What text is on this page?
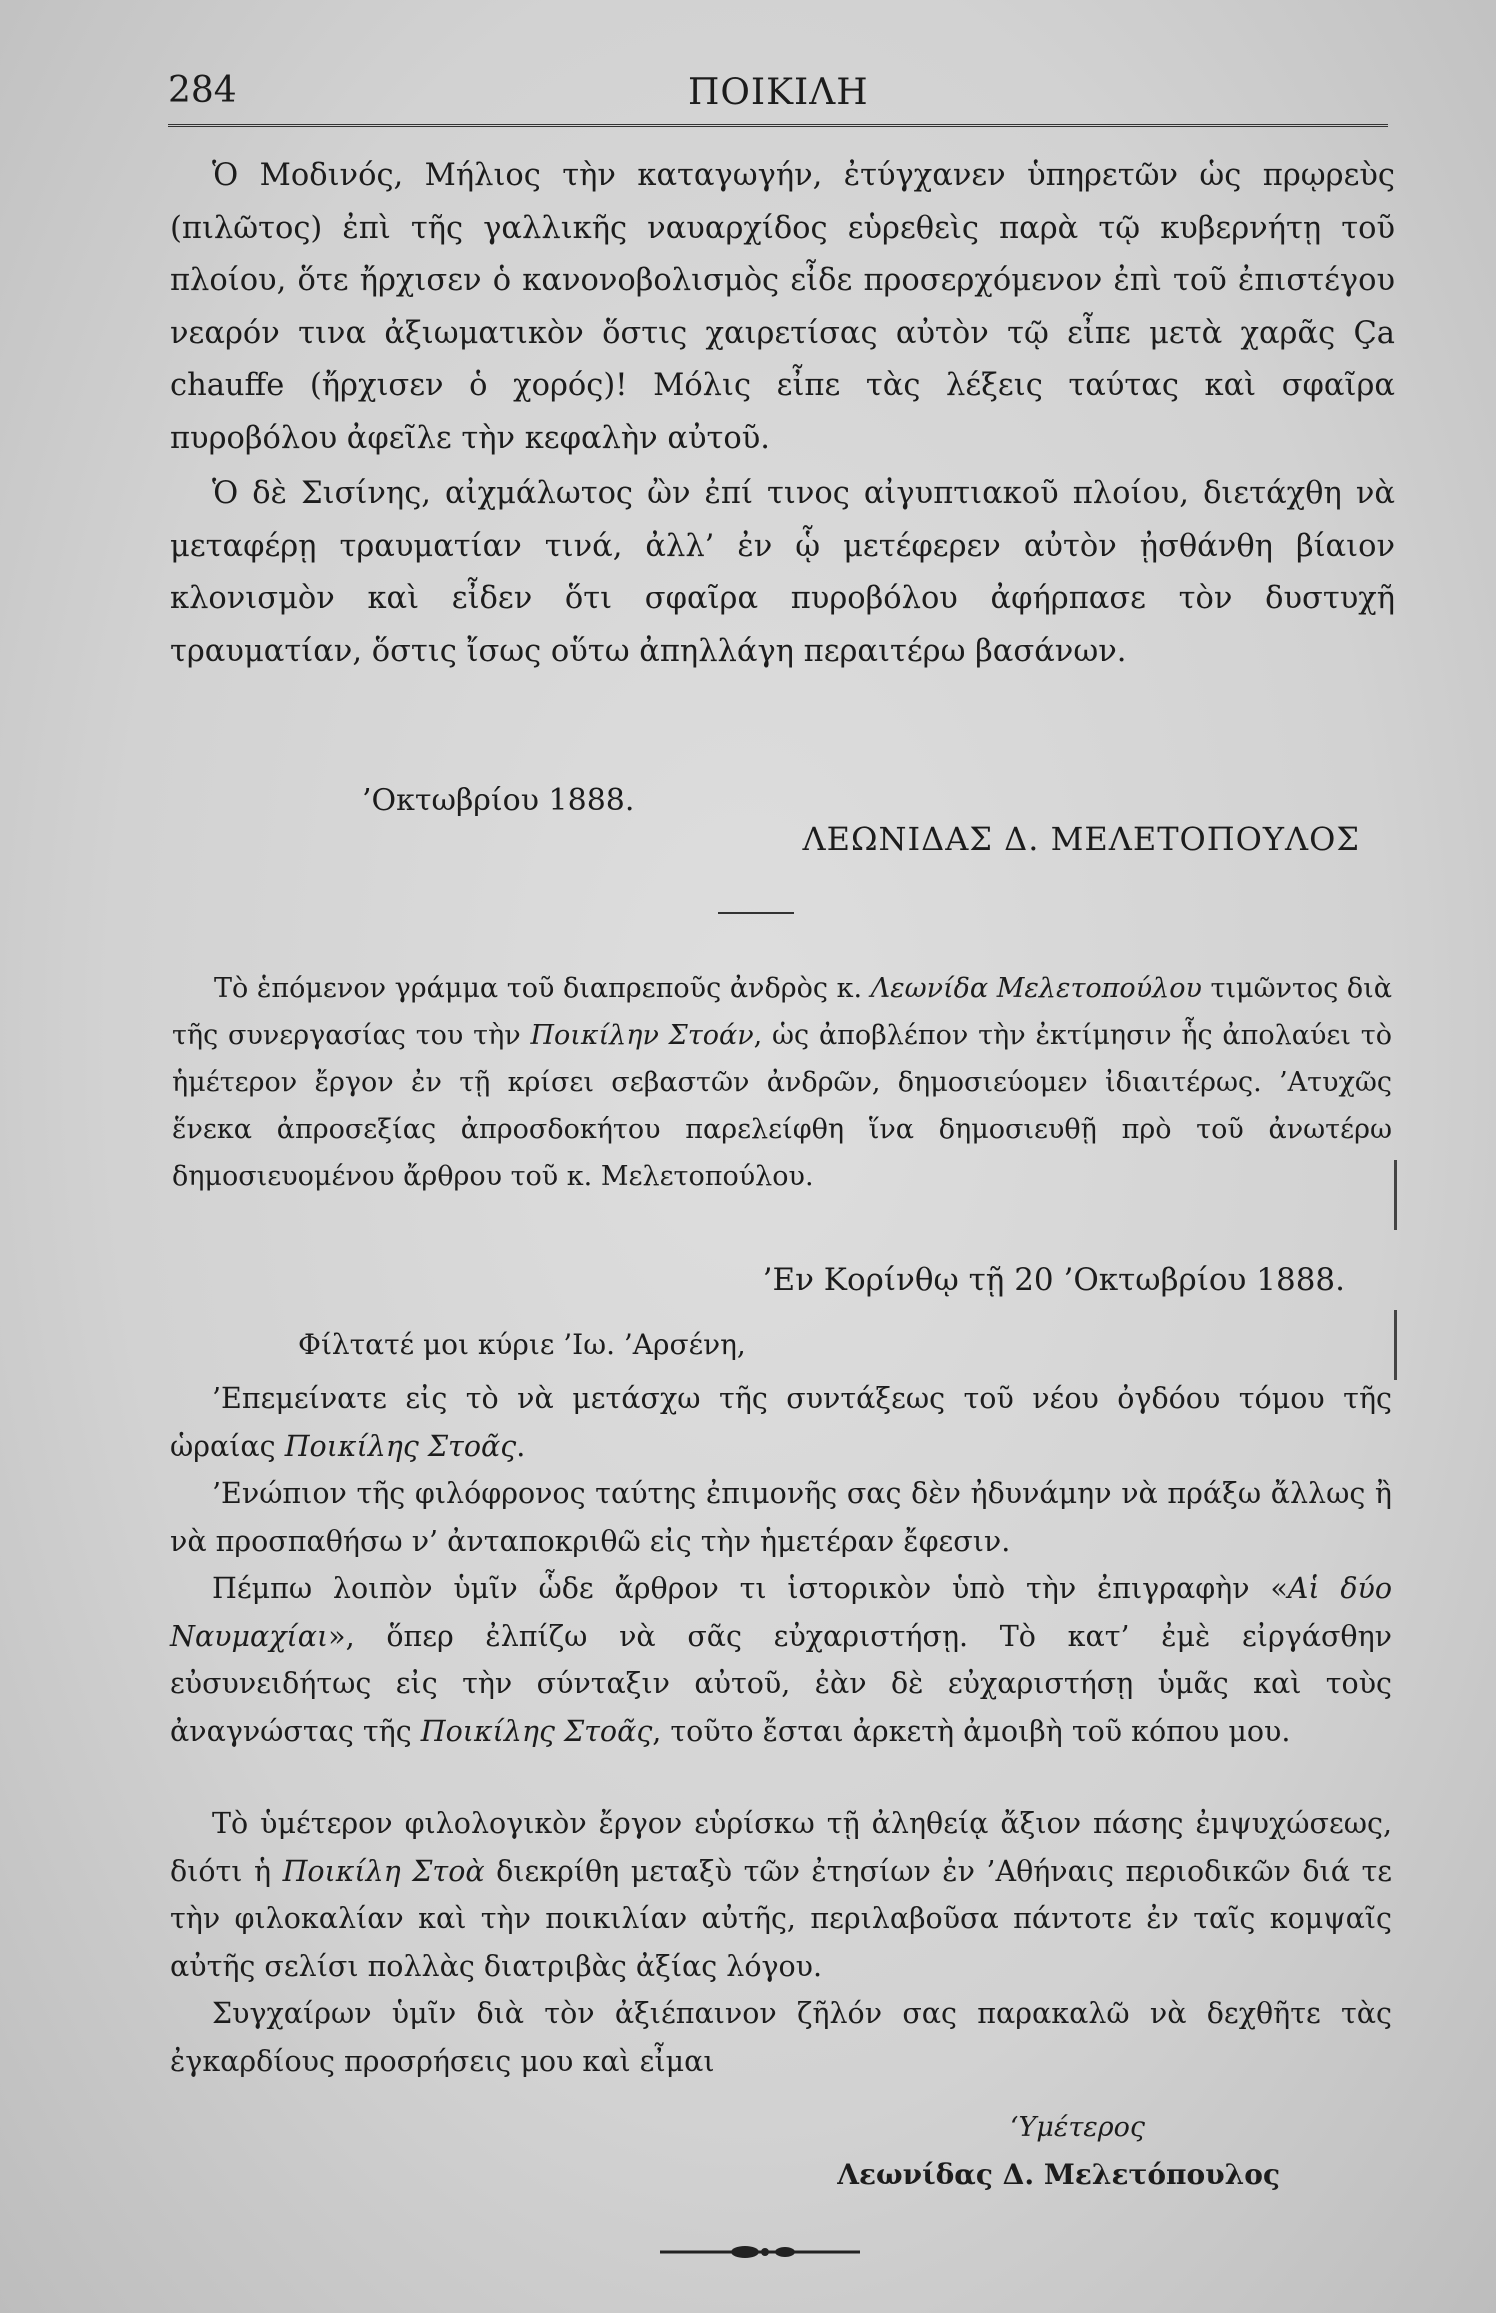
284	ΠΟΙΚΙΛΗ

Ὁ Μοδινός, Μήλιος τὴν καταγωγήν, ἐτύγχανεν ὑπηρετῶν ὡς πρῳρεὺς (πιλῶτος) ἐπὶ τῆς γαλλικῆς ναυαρχίδος εὑρεθεὶς παρὰ τῷ κυβερνήτῃ τοῦ πλοίου, ὅτε ἤρχισεν ὁ κανονοβολισμὸς εἶδε προσερχόμενον ἐπὶ τοῦ ἐπιστέγου νεαρόν τινα ἀξιωματικὸν ὅστις χαιρετίσας αὐτὸν τῷ εἶπε μετὰ χαρᾶς Ça chauffe (ἤρχισεν ὁ χορός)! Μόλις εἶπε τὰς λέξεις ταύτας καὶ σφαῖρα πυροβόλου ἀφεῖλε τὴν κεφαλὴν αὐτοῦ.

Ὁ δὲ Σισίνης, αἰχμάλωτος ὢν ἐπί τινος αἰγυπτιακοῦ πλοίου, διετάχθη νὰ μεταφέρῃ τραυματίαν τινά, ἀλλ’ ἐν ᾧ μετέφερεν αὐτὸν ᾐσθάνθη βίαιον κλονισμὸν καὶ εἶδεν ὅτι σφαῖρα πυροβόλου ἀφήρπασε τὸν δυστυχῆ τραυματίαν, ὅστις ἴσως οὕτω ἀπηλλάγη περαιτέρω βασάνων.

’Οκτωβρίου 1888.
ΛΕΩΝΙΔΑΣ Δ. ΜΕΛΕΤΟΠΟΥΛΟΣ

Τὸ ἑπόμενον γράμμα τοῦ διαπρεποῦς ἀνδρὸς κ. Λεωνίδα Μελετοπούλου τιμῶντος διὰ τῆς συνεργασίας του τὴν Ποικίλην Στοάν, ὡς ἀποβλέπον τὴν ἐκτίμησιν ἧς ἀπολαύει τὸ ἡμέτερον ἔργον ἐν τῇ κρίσει σεβαστῶν ἀνδρῶν, δημοσιεύομεν ἰδιαιτέρως. ’Ατυχῶς ἕνεκα ἀπροσεξίας ἀπροσδοκήτου παρελείφθη ἵνα δημοσιευθῇ πρὸ τοῦ ἀνωτέρω δημοσιευομένου ἄρθρου τοῦ κ. Μελετοπούλου.

’Εν Κορίνθῳ τῇ 20 ’Οκτωβρίου 1888.
Φίλτατέ μοι κύριε ’Ιω. ’Αρσένη,

’Επεμείνατε εἰς τὸ νὰ μετάσχω τῆς συντάξεως τοῦ νέου ὀγδόου τόμου τῆς ὡραίας Ποικίλης Στοᾶς.

’Ενώπιον τῆς φιλόφρονος ταύτης ἐπιμονῆς σας δὲν ἠδυνάμην νὰ πράξω ἄλλως ἢ νὰ προσπαθήσω ν’ ἀνταποκριθῶ εἰς τὴν ἡμετέραν ἔφεσιν.

Πέμπω λοιπὸν ὑμῖν ὧδε ἄρθρον τι ἱστορικὸν ὑπὸ τὴν ἐπιγραφὴν «Αἱ δύο Ναυμαχίαι», ὅπερ ἐλπίζω νὰ σᾶς εὐχαριστήσῃ. Τὸ κατ’ ἐμὲ εἰργάσθην εὐσυνειδήτως εἰς τὴν σύνταξιν αὐτοῦ, ἐὰν δὲ εὐχαριστήσῃ ὑμᾶς καὶ τοὺς ἀναγνώστας τῆς Ποικίλης Στοᾶς, τοῦτο ἔσται ἀρκετὴ ἀμοιβὴ τοῦ κόπου μου.

Τὸ ὑμέτερον φιλολογικὸν ἔργον εὑρίσκω τῇ ἀληθείᾳ ἄξιον πάσης ἐμψυχώσεως, διότι ἡ Ποικίλη Στοὰ διεκρίθη μεταξὺ τῶν ἐτησίων ἐν ’Αθήναις περιοδικῶν διά τε τὴν φιλοκαλίαν καὶ τὴν ποικιλίαν αὐτῆς, περιλαβοῦσα πάντοτε ἐν ταῖς κομψαῖς αὐτῆς σελίσι πολλὰς διατριβὰς ἀξίας λόγου.

Συγχαίρων ὑμῖν διὰ τὸν ἀξιέπαινον ζῆλόν σας παρακαλῶ νὰ δεχθῆτε τὰς ἐγκαρδίους προσρήσεις μου καὶ εἶμαι

‘Υμέτερος
Λεωνίδας Δ. Μελετόπουλος
